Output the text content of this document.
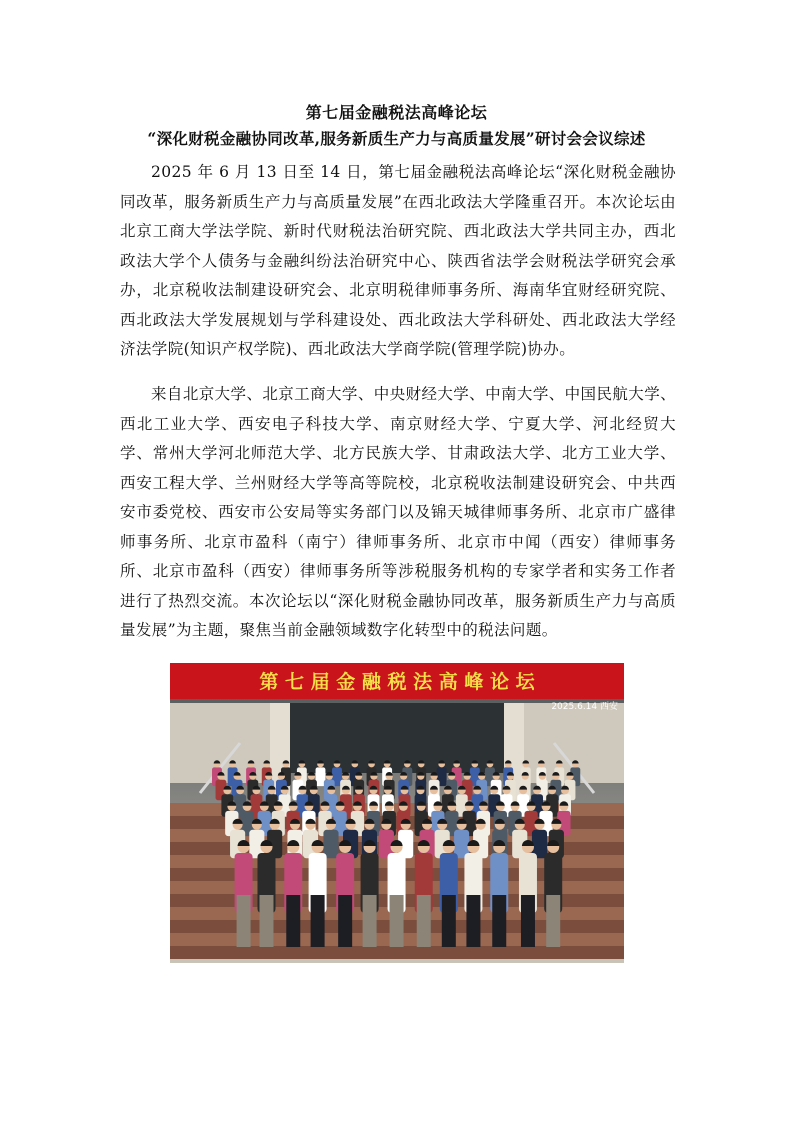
第七届金融税法高峰论坛
“深化财税金融协同改革,服务新质生产力与高质量发展”研讨会会议综述

2025 年 6 月 13 日至 14 日，第七届金融税法高峰论坛“深化财税金融协同改革，服务新质生产力与高质量发展”在西北政法大学隆重召开。本次论坛由北京工商大学法学院、新时代财税法治研究院、西北政法大学共同主办，西北政法大学个人债务与金融纠纷法治研究中心、陕西省法学会财税法学研究会承办，北京税收法制建设研究会、北京明税律师事务所、海南华宜财经研究院、西北政法大学发展规划与学科建设处、西北政法大学科研处、西北政法大学经济法学院(知识产权学院)、西北政法大学商学院(管理学院)协办。

来自北京大学、北京工商大学、中央财经大学、中南大学、中国民航大学、西北工业大学、西安电子科技大学、南京财经大学、宁夏大学、河北经贸大学、常州大学河北师范大学、北方民族大学、甘肃政法大学、北方工业大学、西安工程大学、兰州财经大学等高等院校，北京税收法制建设研究会、中共西安市委党校、西安市公安局等实务部门以及锦天城律师事务所、北京市广盛律师事务所、北京市盈科（南宁）律师事务所、北京市中闻（西安）律师事务所、北京市盈科（西安）律师事务所等涉税服务机构的专家学者和实务工作者进行了热烈交流。本次论坛以“深化财税金融协同改革，服务新质生产力与高质量发展”为主题，聚焦当前金融领域数字化转型中的税法问题。

第 七 届 金 融 税 法 高 峰 论 坛
2025.6.14 西安
